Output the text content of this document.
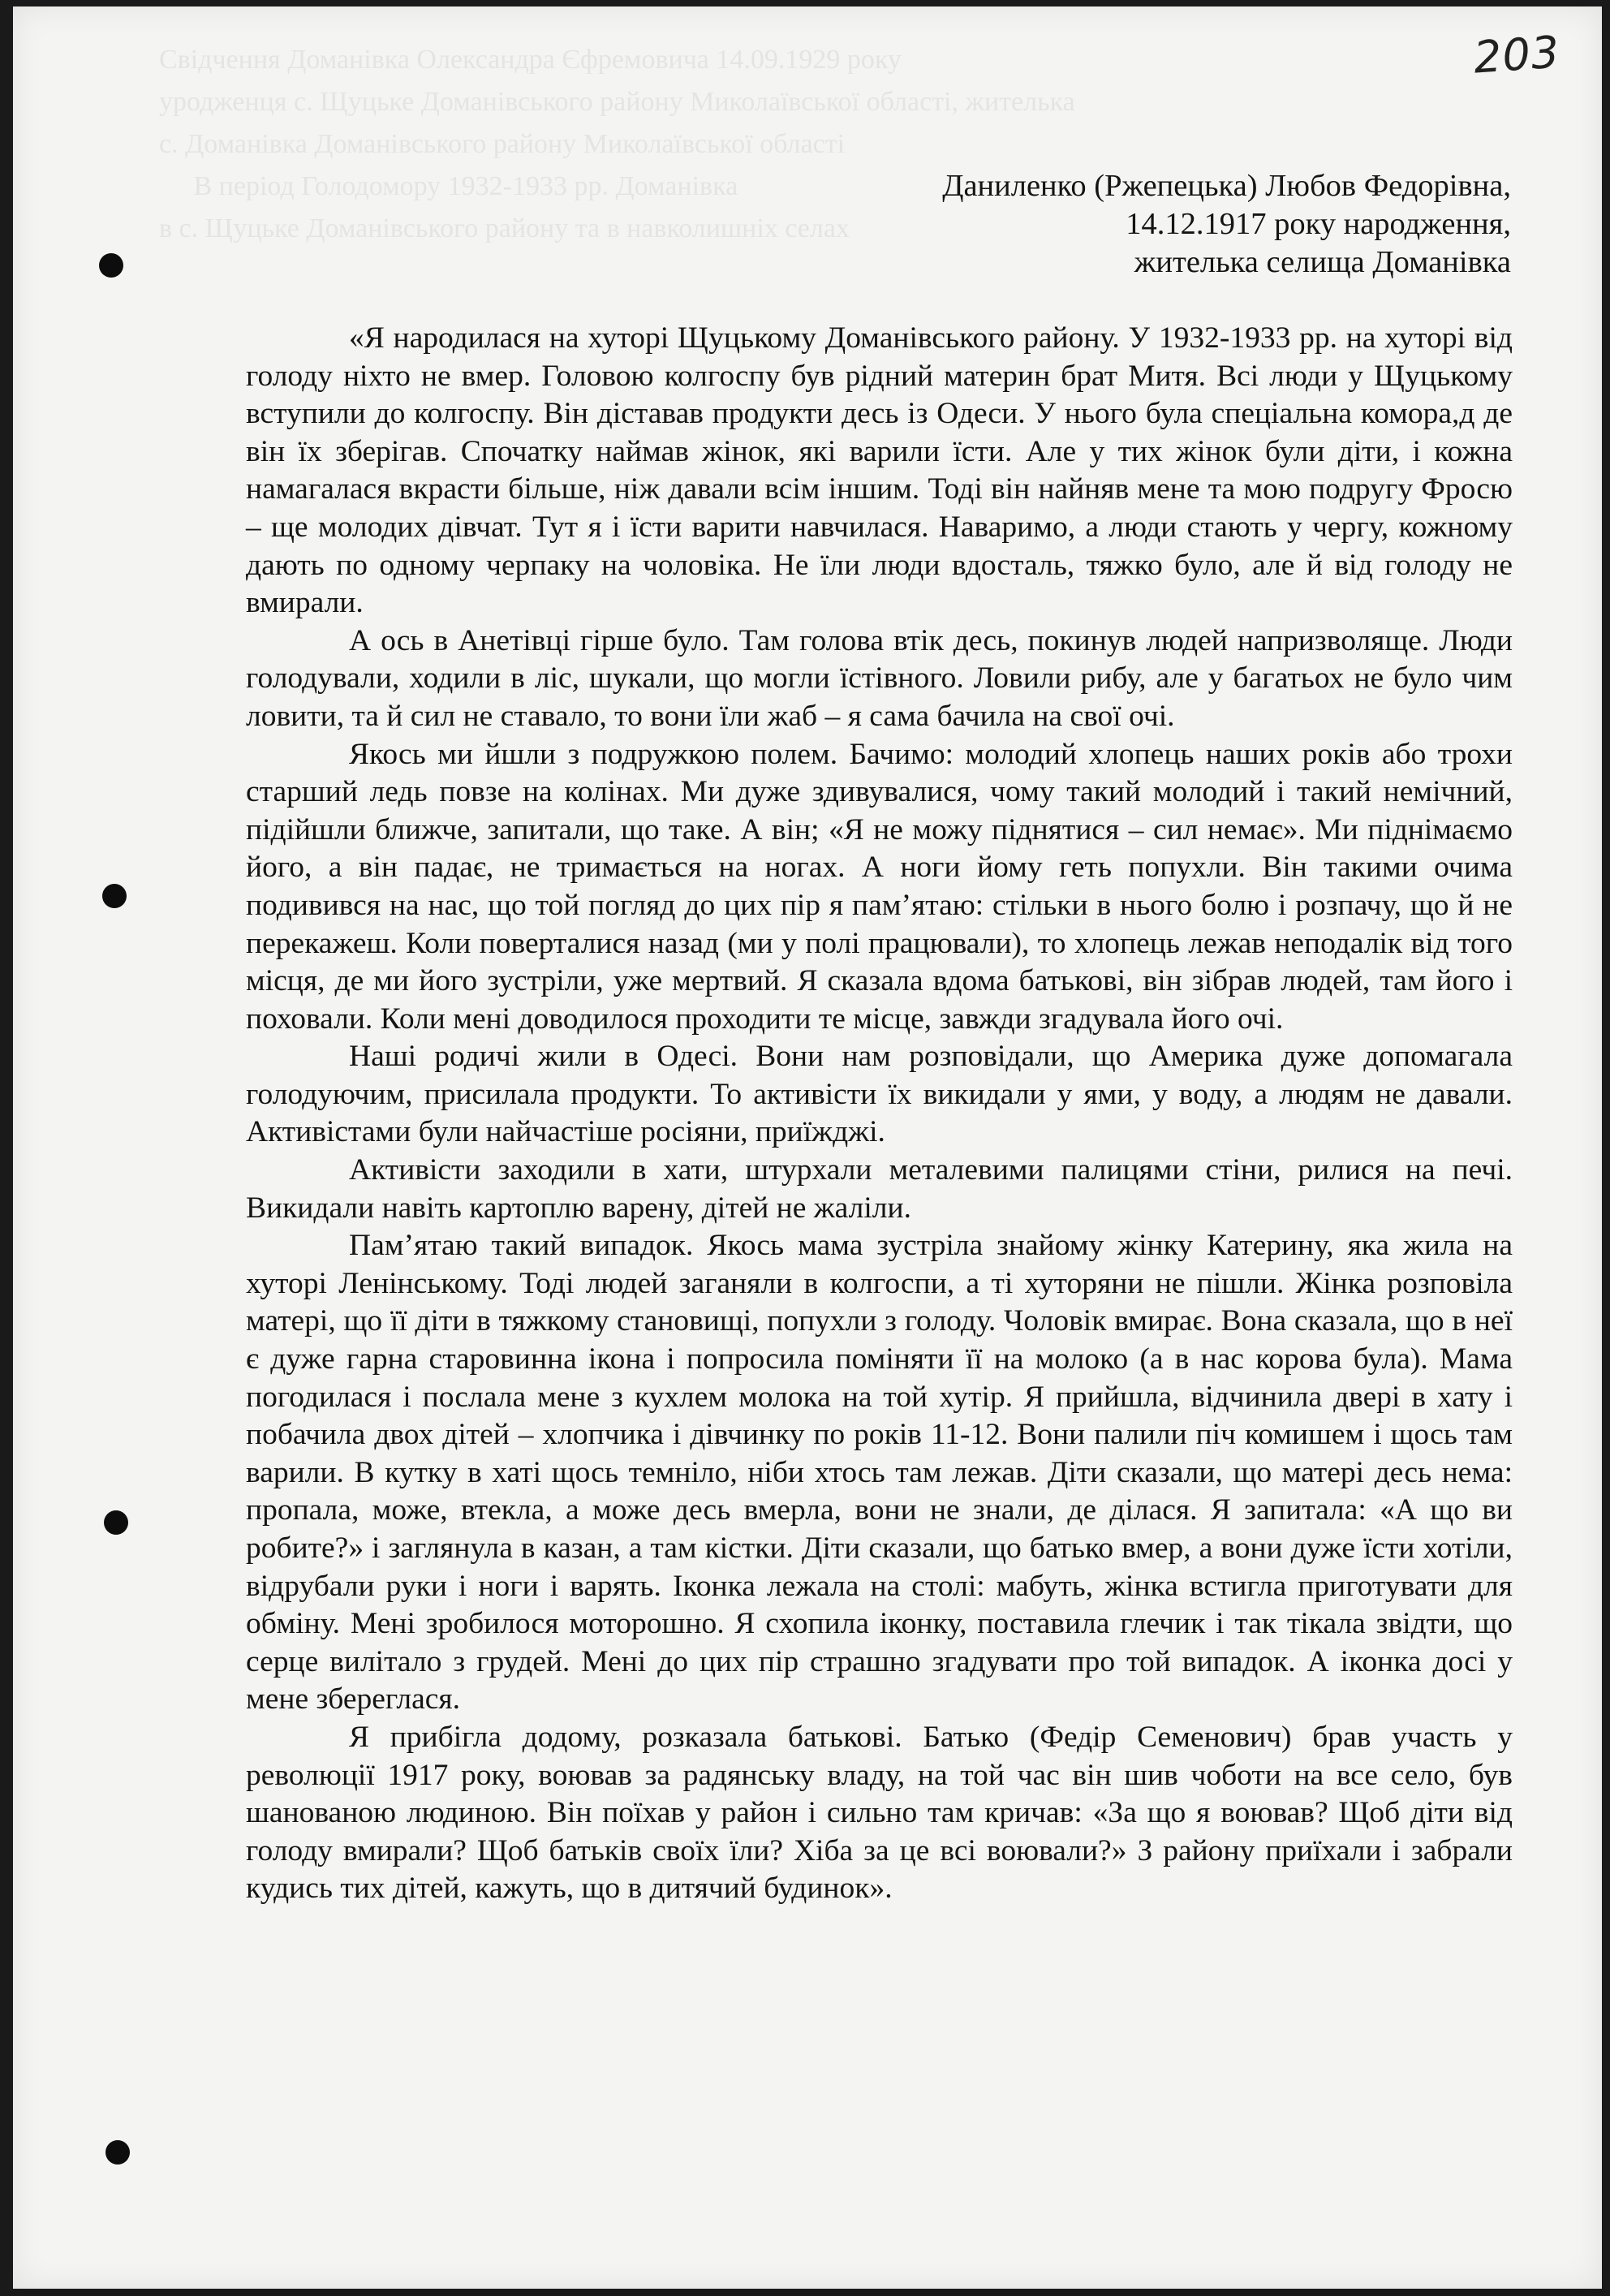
Свідчення Доманівка Олександра Єфремовича 14.09.1929 року
уродженця с. Щуцьке Доманівського району Миколаївської області, жителька
с. Доманівка Доманівського району Миколаївської області
В період Голодомору 1932-1933 рр. Доманівка
в с. Щуцьке Доманівського району та в навколишніх селах
203
Даниленко (Ржепецька) Любов Федорівна,
14.12.1917 року народження,
жителька селища Доманівка

«Я народилася на хуторі Щуцькому Доманівського району. У 1932-1933 рр. на хуторі від голоду ніхто не вмер. Головою колгоспу був рідний материн брат Митя. Всі люди у Щуцькому вступили до колгоспу. Він діставав продукти десь із Одеси. У нього була спеціальна комора,д де він їх зберігав. Спочатку наймав жінок, які варили їсти. Але у тих жінок були діти, і кожна намагалася вкрасти більше, ніж давали всім іншим. Тоді він найняв мене та мою подругу Фросю – ще молодих дівчат. Тут я і їсти варити навчилася. Наваримо, а люди стають у чергу, кожному дають по одному черпаку на чоловіка. Не їли люди вдосталь, тяжко було, але й від голоду не вмирали.

А ось в Анетівці гірше було. Там голова втік десь, покинув людей напризволяще. Люди голодували, ходили в ліс, шукали, що могли їстівного. Ловили рибу, але у багатьох не було чим ловити, та й сил не ставало, то вони їли жаб – я сама бачила на свої очі.

Якось ми йшли з подружкою полем. Бачимо: молодий хлопець наших років або трохи старший ледь повзе на колінах. Ми дуже здивувалися, чому такий молодий і такий немічний, підійшли ближче, запитали, що таке. А він; «Я не можу піднятися – сил немає». Ми піднімаємо його, а він падає, не тримається на ногах. А ноги йому геть попухли. Він такими очима подивився на нас, що той погляд до цих пір я пам’ятаю: стільки в нього болю і розпачу, що й не перекажеш. Коли поверталися назад (ми у полі працювали), то хлопець лежав неподалік від того місця, де ми його зустріли, уже мертвий. Я сказала вдома батькові, він зібрав людей, там його і поховали. Коли мені доводилося проходити те місце, завжди згадувала його очі.

Наші родичі жили в Одесі. Вони нам розповідали, що Америка дуже допомагала голодуючим, присилала продукти. То активісти їх викидали у ями, у воду, а людям не давали. Активістами були найчастіше росіяни, приїжджі.

Активісти заходили в хати, штурхали металевими палицями стіни, рилися на печі. Викидали навіть картоплю варену, дітей не жаліли.

Пам’ятаю такий випадок. Якось мама зустріла знайому жінку Катерину, яка жила на хуторі Ленінському. Тоді людей заганяли в колгоспи, а ті хуторяни не пішли. Жінка розповіла матері, що її діти в тяжкому становищі, попухли з голоду. Чоловік вмирає. Вона сказала, що в неї є дуже гарна старовинна ікона і попросила поміняти її на молоко (а в нас корова була). Мама погодилася і послала мене з кухлем молока на той хутір. Я прийшла, відчинила двері в хату і побачила двох дітей – хлопчика і дівчинку по років 11-12. Вони палили піч комишем і щось там варили. В кутку в хаті щось темніло, ніби хтось там лежав. Діти сказали, що матері десь нема: пропала, може, втекла, а може десь вмерла, вони не знали, де ділася. Я запитала: «А що ви робите?» і заглянула в казан, а там кістки. Діти сказали, що батько вмер, а вони дуже їсти хотіли, відрубали руки і ноги і варять. Іконка лежала на столі: мабуть, жінка встигла приготувати для обміну. Мені зробилося моторошно. Я схопила іконку, поставила глечик і так тікала звідти, що серце вилітало з грудей. Мені до цих пір страшно згадувати про той випадок. А іконка досі у мене збереглася.

Я прибігла додому, розказала батькові. Батько (Федір Семенович) брав участь у революції 1917 року, воював за радянську владу, на той час він шив чоботи на все село, був шанованою людиною. Він поїхав у район і сильно там кричав: «За що я воював? Щоб діти від голоду вмирали? Щоб батьків своїх їли? Хіба за це всі воювали?» З району приїхали і забрали кудись тих дітей, кажуть, що в дитячий будинок».
